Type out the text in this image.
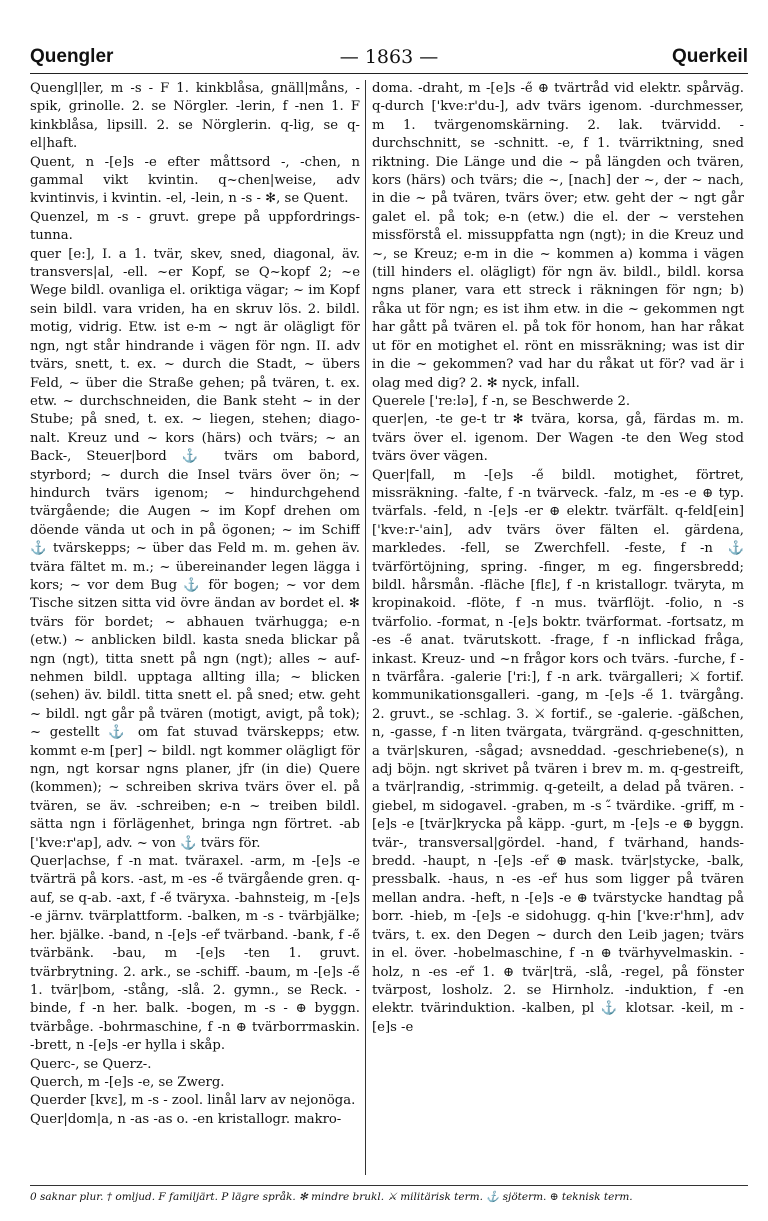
Quengler	— 1863 —	Querkeil

Quengl|ler, m -s - F 1. kinkblåsa, gnäll|måns, -spik, grinolle. 2. se Nörgler. -lerin, f -nen 1. F kinkblåsa, lipsill. 2. se Nörglerin. q-lig, se q-el|haft.

Quent, n -[e]s -e efter måttsord -, -chen, n gammal vikt kvintin. q~chen|weise, adv kvintinvis, i kvintin. -el, -lein, n -s - ✻, se Quent.

Quenzel, m -s - gruvt. grepe på uppfordrings-tunna.

quer [e:], I. a 1. tvär, skev, sned, diagonal, äv. transvers|al, -ell. ~er Kopf, se Q~kopf 2; ~e Wege bildl. ovanliga el. oriktiga vägar; ~ im Kopf sein bildl. vara vriden, ha en skruv lös. 2. bildl. motig, vidrig. Etw. ist e-m ~ ngt är olägligt för ngn, ngt står hindrande i vägen för ngn. II. adv tvärs, snett, t. ex. ~ durch die Stadt, ~ übers Feld, ~ über die Straße gehen; på tvären, t. ex. etw. ~ durchschneiden, die Bank steht ~ in der Stube; på sned, t. ex. ~ liegen, stehen; diagonalt. Kreuz und ~ kors (härs) och tvärs; ~ an Back-, Steuer|bord ⚓ tvärs om babord, styrbord; ~ durch die Insel tvärs över ön; ~ hindurch tvärs igenom; ~ hindurchgehend tvärgående; die Augen ~ im Kopf drehen om döende vända ut och in på ögonen; ~ im Schiff ⚓ tvärskepps; ~ über das Feld m. m. gehen äv. tvära fältet m. m.; ~ übereinander legen lägga i kors; ~ vor dem Bug ⚓ för bogen; ~ vor dem Tische sitzen sitta vid övre ändan av bordet el. ✻ tvärs för bordet; ~ abhauen tvärhugga; e-n (etw.) ~ anblicken bildl. kasta sneda blickar på ngn (ngt), titta snett på ngn (ngt); alles ~ aufnehmen bildl. upptaga allting illa; ~ blicken (sehen) äv. bildl. titta snett el. på sned; etw. geht ~ bildl. ngt går på tvären (motigt, avigt, på tok); ~ gestellt ⚓ om fat stuvad tvärskepps; etw. kommt e-m [per] ~ bildl. ngt kommer olägligt för ngn, ngt korsar ngns planer, jfr (in die) Quere (kommen); ~ schreiben skriva tvärs över el. på tvären, se äv. -schreiben; e-n ~ treiben bildl. sätta ngn i förlägenhet, bringa ngn förtret. -ab ['kve:r'ap], adv. ~ von ⚓ tvärs för.

Quer|achse, f -n mat. tväraxel. -arm, m -[e]s -e tvärträ på kors. -ast, m -es -e̋ tvärgående gren. q-auf, se q-ab. -axt, f -e̋ tväryxa. -bahnsteig, m -[e]s -e järnv. tvärplattform. -balken, m -s - tvärbjälke; her. bjälke. -band, n -[e]s -er̋ tvärband. -bank, f -e̋ tvärbänk. -bau, m -[e]s -ten 1. gruvt. tvärbrytning. 2. ark., se -schiff. -baum, m -[e]s -e̋ 1. tvär|bom, -stång, -slå. 2. gymn., se Reck. -binde, f -n her. balk. -bogen, m -s - ⊕ byggn. tvärbåge. -bohrmaschine, f -n ⊕ tvärborrmaskin. -brett, n -[e]s -er hylla i skåp.

Querc-, se Querz-.

Querch, m -[e]s -e, se Zwerg.

Querder [kvɛ], m -s - zool. linål larv av nejonöga.

Quer|dom|a, n -as -as o. -en kristallogr. makro-

doma. -draht, m -[e]s -e̋ ⊕ tvärtråd vid elektr. spårväg. q-durch ['kve:r'du-], adv tvärs igenom. -durchmesser, m 1. tvärgenomskärning. 2. lak. tvärvidd. -durchschnitt, se -schnitt. -e, f 1. tvärriktning, sned riktning. Die Länge und die ~ på längden och tvären, kors (härs) och tvärs; die ~, [nach] der ~, der ~ nach, in die ~ på tvären, tvärs över; etw. geht der ~ ngt går galet el. på tok; e-n (etw.) die el. der ~ verstehen missförstå el. missuppfatta ngn (ngt); in die Kreuz und ~, se Kreuz; e-m in die ~ kommen a) komma i vägen (till hinders el. olägligt) för ngn äv. bildl., bildl. korsa ngns planer, vara ett streck i räkningen för ngn; b) råka ut för ngn; es ist ihm etw. in die ~ gekommen ngt har gått på tvären el. på tok för honom, han har råkat ut för en motighet el. rönt en missräkning; was ist dir in die ~ gekommen? vad har du råkat ut för? vad är i olag med dig? 2. ✻ nyck, infall.

Querele ['re:lə], f -n, se Beschwerde 2.

quer|en, -te ge-t tr ✻ tvära, korsa, gå, färdas m. m. tvärs över el. igenom. Der Wagen -te den Weg stod tvärs över vägen.

Quer|fall, m -[e]s -e̋ bildl. motighet, förtret, missräkning. -falte, f -n tvärveck. -falz, m -es -e ⊕ typ. tvärfals. -feld, n -[e]s -er ⊕ elektr. tvärfält. q-feld[ein] ['kve:r-'ain], adv tvärs över fälten el. gärdena, markledes. -fell, se Zwerchfell. -feste, f -n ⚓ tvärförtöjning, spring. -finger, m eg. fingersbredd; bildl. hårsmån. -fläche [flɛ], f -n kristallogr. tväryta, m kropinakoid. -flöte, f -n mus. tvärflöjt. -folio, n -s tvärfolio. -format, n -[e]s boktr. tvärformat. -fortsatz, m -es -e̋ anat. tvärutskott. -frage, f -n inflickad fråga, inkast. Kreuz- und ~n frågor kors och tvärs. -furche, f -n tvärfåra. -galerie ['ri:], f -n ark. tvärgalleri; ⚔ fortif. kommunikationsgalleri. -gang, m -[e]s -e̋ 1. tvärgång. 2. gruvt., se -schlag. 3. ⚔ fortif., se -galerie. -gäßchen, n, -gasse, f -n liten tvärgata, tvärgränd. q-geschnitten, a tvär|skuren, -sågad; avsneddad. -geschriebene(s), n adj böjn. ngt skrivet på tvären i brev m. m. q-gestreift, a tvär|randig, -strimmig. q-geteilt, a delad på tvären. -giebel, m sidogavel. -graben, m -s -̋ tvärdike. -griff, m -[e]s -e [tvär]krycka på käpp. -gurt, m -[e]s -e ⊕ byggn. tvär-, transversal|gördel. -hand, f tvärhand, handsbredd. -haupt, n -[e]s -er̋ ⊕ mask. tvär|stycke, -balk, pressbalk. -haus, n -es -er̋ hus som ligger på tvären mellan andra. -heft, n -[e]s -e ⊕ tvärstycke handtag på borr. -hieb, m -[e]s -e sidohugg. q-hin ['kve:r'hɪn], adv tvärs, t. ex. den Degen ~ durch den Leib jagen; tvärs in el. över. -hobelmaschine, f -n ⊕ tvärhyvelmaskin. -holz, n -es -er̋ 1. ⊕ tvär|trä, -slå, -regel, på fönster tvärpost, losholz. 2. se Hirnholz. -induktion, f -en elektr. tvärinduktion. -kalben, pl ⚓ klotsar. -keil, m -[e]s -e

0 saknar plur. † omljud. F familjärt. P lägre språk. ✻ mindre brukl. ⚔ militärisk term. ⚓ sjöterm. ⊕ teknisk term.
